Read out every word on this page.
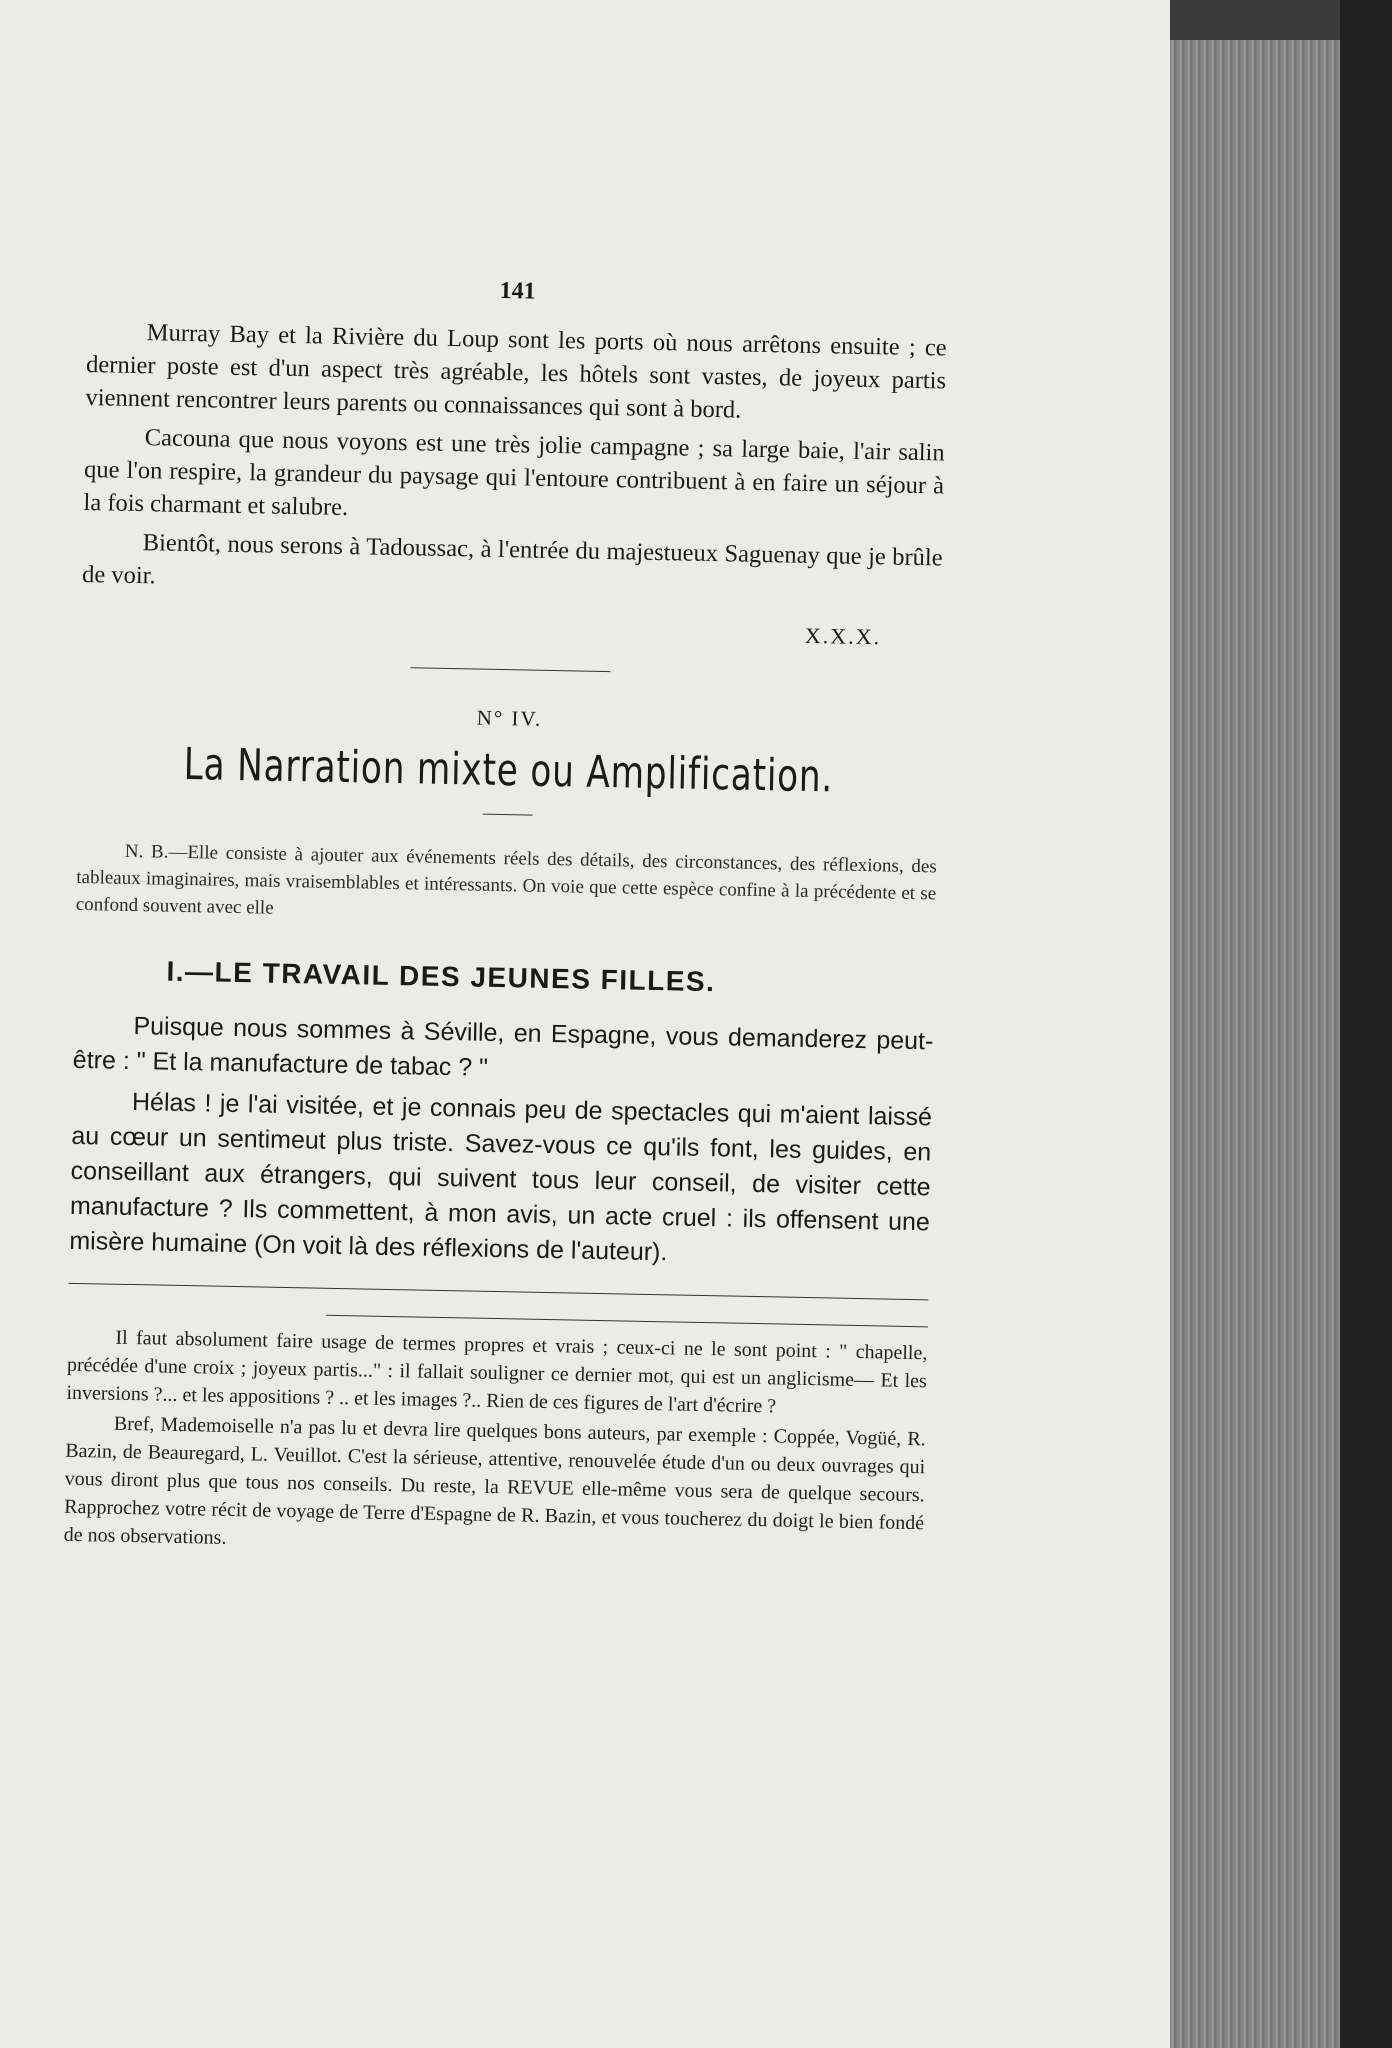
141

Murray Bay et la Rivière du Loup sont les ports où nous arrêtons ensuite ; ce dernier poste est d'un aspect très agréable, les hôtels sont vastes, de joyeux partis viennent rencontrer leurs parents ou connaissances qui sont à bord.

Cacouna que nous voyons est une très jolie campagne ; sa large baie, l'air salin que l'on respire, la grandeur du paysage qui l'entoure contribuent à en faire un séjour à la fois charmant et salubre.

Bientôt, nous serons à Tadoussac, à l'entrée du majestueux Saguenay que je brûle de voir.

X.X.X.

N° IV.

La Narration mixte ou Amplification.

N. B.—Elle consiste à ajouter aux événements réels des détails, des circonstances, des réflexions, des tableaux imaginaires, mais vraisemblables et intéressants. On voie que cette espèce confine à la précédente et se confond souvent avec elle

I.—LE TRAVAIL DES JEUNES FILLES.

Puisque nous sommes à Séville, en Espagne, vous demanderez peut-être : " Et la manufacture de tabac ? "

Hélas ! je l'ai visitée, et je connais peu de spectacles qui m'aient laissé au cœur un sentimeut plus triste. Savez-vous ce qu'ils font, les guides, en conseillant aux étrangers, qui suivent tous leur conseil, de visiter cette manufacture ? Ils commettent, à mon avis, un acte cruel : ils offensent une misère humaine (On voit là des réflexions de l'auteur).

Il faut absolument faire usage de termes propres et vrais ; ceux-ci ne le sont point : " chapelle, précédée d'une croix ; joyeux partis..." : il fallait souligner ce dernier mot, qui est un anglicisme— Et les inversions ?... et les appositions ? .. et les images ?.. Rien de ces figures de l'art d'écrire ?

Bref, Mademoiselle n'a pas lu et devra lire quelques bons auteurs, par exemple : Coppée, Vogüé, R. Bazin, de Beauregard, L. Veuillot. C'est la sérieuse, attentive, renouvelée étude d'un ou deux ouvrages qui vous diront plus que tous nos conseils. Du reste, la REVUE elle-même vous sera de quelque secours. Rapprochez votre récit de voyage de Terre d'Espagne de R. Bazin, et vous toucherez du doigt le bien fondé de nos observations.
